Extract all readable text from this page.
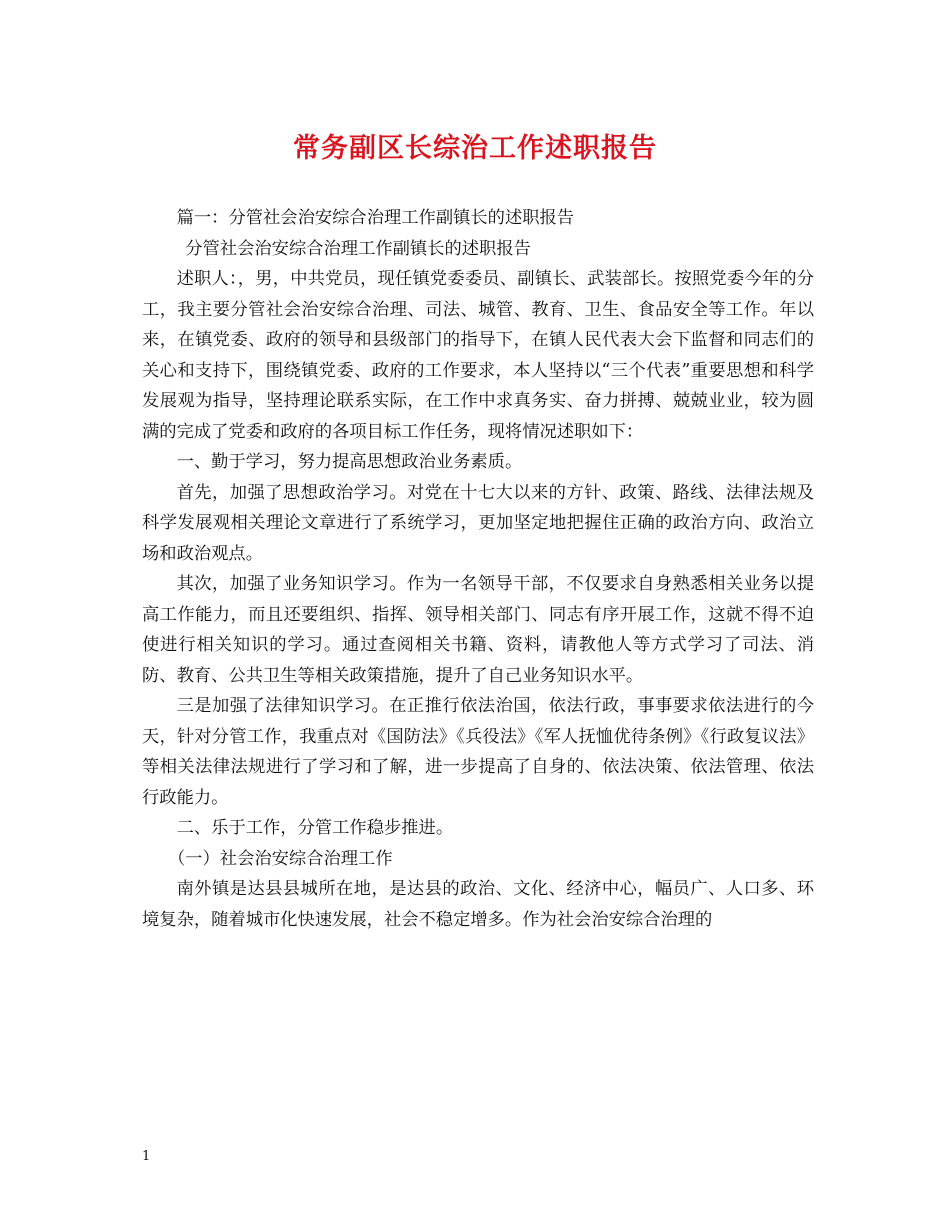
常务副区长综治工作述职报告

篇一：分管社会治安综合治理工作副镇长的述职报告

分管社会治安综合治理工作副镇长的述职报告

述职人：，男，中共党员，现任镇党委委员、副镇长、武装部长。按照党委今年的分工，我主要分管社会治安综合治理、司法、城管、教育、卫生、食品安全等工作。年以来，在镇党委、政府的领导和县级部门的指导下，在镇人民代表大会下监督和同志们的关心和支持下，围绕镇党委、政府的工作要求，本人坚持以“三个代表”重要思想和科学发展观为指导，坚持理论联系实际，在工作中求真务实、奋力拼搏、兢兢业业，较为圆满的完成了党委和政府的各项目标工作任务，现将情况述职如下：

一、勤于学习，努力提高思想政治业务素质。

首先，加强了思想政治学习。对党在十七大以来的方针、政策、路线、法律法规及科学发展观相关理论文章进行了系统学习，更加坚定地把握住正确的政治方向、政治立场和政治观点。

其次，加强了业务知识学习。作为一名领导干部，不仅要求自身熟悉相关业务以提高工作能力，而且还要组织、指挥、领导相关部门、同志有序开展工作，这就不得不迫使进行相关知识的学习。通过查阅相关书籍、资料，请教他人等方式学习了司法、消防、教育、公共卫生等相关政策措施，提升了自己业务知识水平。

三是加强了法律知识学习。在正推行依法治国，依法行政，事事要求依法进行的今天，针对分管工作，我重点对《国防法》《兵役法》《军人抚恤优待条例》《行政复议法》等相关法律法规进行了学习和了解，进一步提高了自身的、依法决策、依法管理、依法行政能力。

二、乐于工作，分管工作稳步推进。

（一）社会治安综合治理工作

南外镇是达县县城所在地，是达县的政治、文化、经济中心，幅员广、人口多、环境复杂，随着城市化快速发展，社会不稳定增多。作为社会治安综合治理的

1
